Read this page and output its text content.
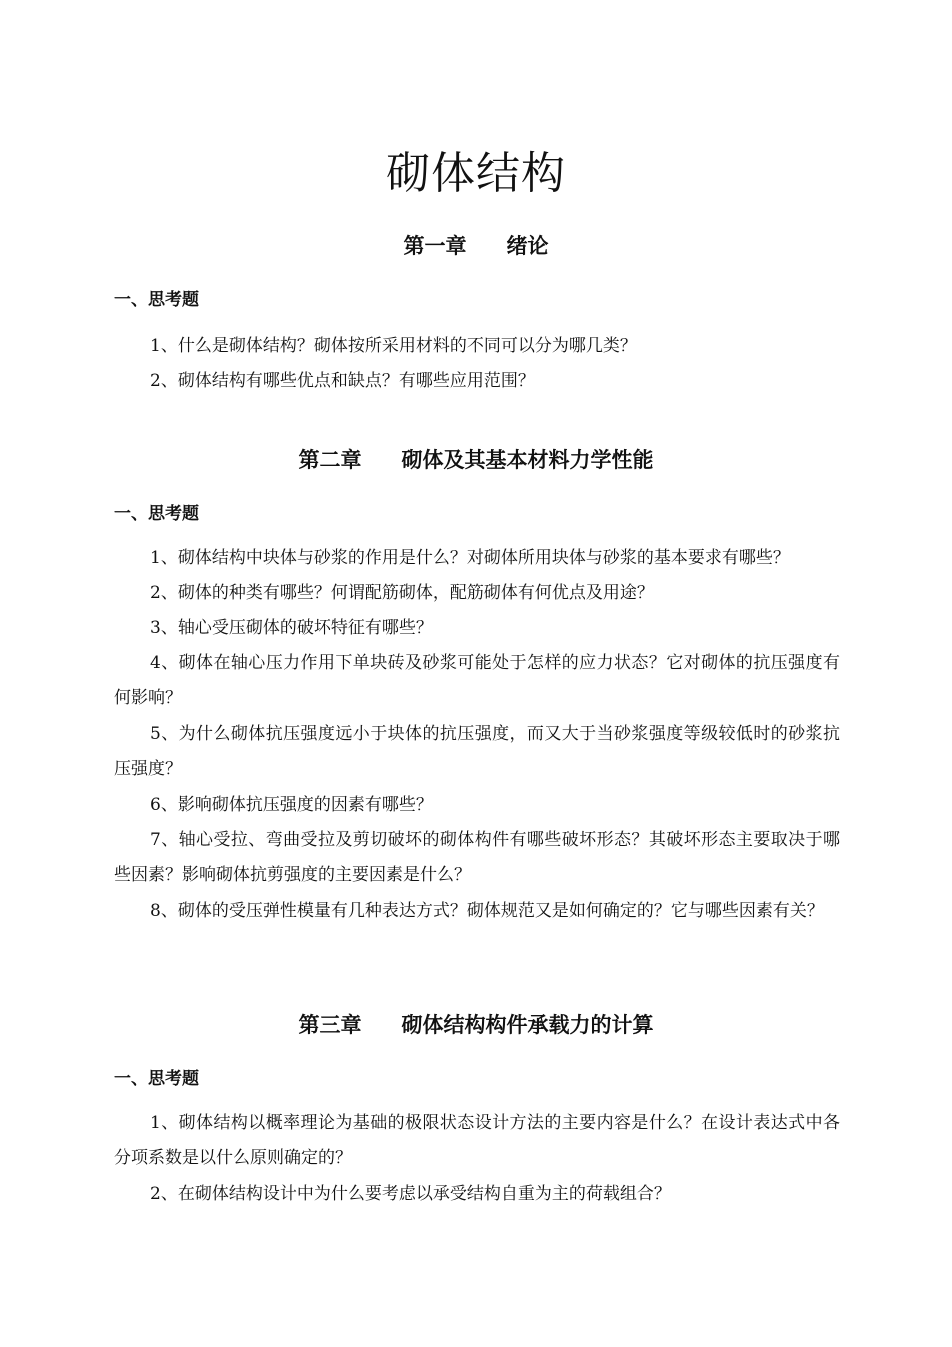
砌体结构
第一章 绪论
一、思考题

1、什么是砌体结构？砌体按所采用材料的不同可以分为哪几类？

2、砌体结构有哪些优点和缺点？有哪些应用范围？

第二章 砌体及其基本材料力学性能
一、思考题

1、砌体结构中块体与砂浆的作用是什么？对砌体所用块体与砂浆的基本要求有哪些？

2、砌体的种类有哪些？何谓配筋砌体，配筋砌体有何优点及用途？

3、轴心受压砌体的破坏特征有哪些？

4、砌体在轴心压力作用下单块砖及砂浆可能处于怎样的应力状态？它对砌体的抗压强度有何影响？

5、为什么砌体抗压强度远小于块体的抗压强度，而又大于当砂浆强度等级较低时的砂浆抗压强度？

6、影响砌体抗压强度的因素有哪些？

7、轴心受拉、弯曲受拉及剪切破坏的砌体构件有哪些破坏形态？其破坏形态主要取决于哪些因素？影响砌体抗剪强度的主要因素是什么？

8、砌体的受压弹性模量有几种表达方式？砌体规范又是如何确定的？它与哪些因素有关？

第三章 砌体结构构件承载力的计算
一、思考题

1、砌体结构以概率理论为基础的极限状态设计方法的主要内容是什么？在设计表达式中各分项系数是以什么原则确定的？

2、在砌体结构设计中为什么要考虑以承受结构自重为主的荷载组合？
